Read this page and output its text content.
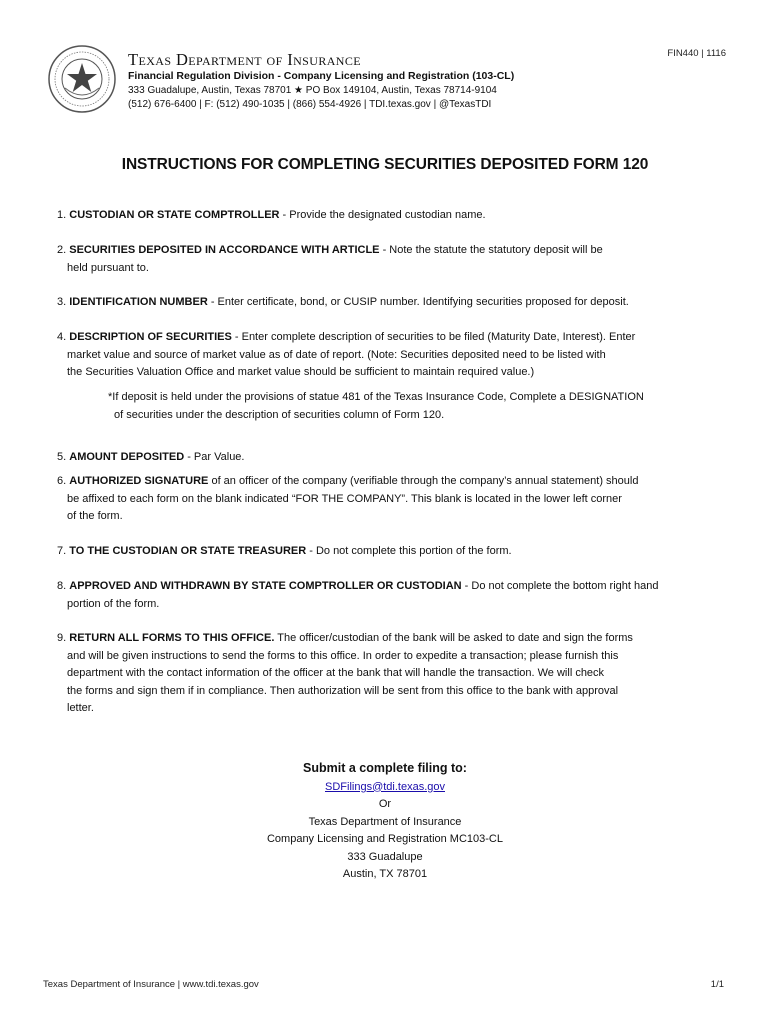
Texas Department of Insurance
Financial Regulation Division - Company Licensing and Registration (103-CL)
333 Guadalupe, Austin, Texas 78701 ★ PO Box 149104, Austin, Texas 78714-9104
(512) 676-6400 | F: (512) 490-1035 | (866) 554-4926 | TDI.texas.gov | @TexasTDI
FIN440 | 1116
INSTRUCTIONS FOR COMPLETING SECURITIES DEPOSITED FORM 120
1. CUSTODIAN OR STATE COMPTROLLER - Provide the designated custodian name.
2. SECURITIES DEPOSITED IN ACCORDANCE WITH ARTICLE - Note the statute the statutory deposit will be
held pursuant to.
3. IDENTIFICATION NUMBER - Enter certificate, bond, or CUSIP number. Identifying securities proposed for deposit.
4. DESCRIPTION OF SECURITIES - Enter complete description of securities to be filed (Maturity Date, Interest). Enter
market value and source of market value as of date of report. (Note: Securities deposited need to be listed with
the Securities Valuation Office and market value should be sufficient to maintain required value.)
*If deposit is held under the provisions of statue 481 of the Texas Insurance Code, Complete a DESIGNATION
of securities under the description of securities column of Form 120.
5. AMOUNT DEPOSITED - Par Value.
6. AUTHORIZED SIGNATURE of an officer of the company (verifiable through the company’s annual statement) should
be affixed to each form on the blank indicated “FOR THE COMPANY”. This blank is located in the lower left corner
of the form.
7. TO THE CUSTODIAN OR STATE TREASURER - Do not complete this portion of the form.
8. APPROVED AND WITHDRAWN BY STATE COMPTROLLER OR CUSTODIAN - Do not complete the bottom right hand
portion of the form.
9. RETURN ALL FORMS TO THIS OFFICE. The officer/custodian of the bank will be asked to date and sign the forms
and will be given instructions to send the forms to this office. In order to expedite a transaction; please furnish this
department with the contact information of the officer at the bank that will handle the transaction. We will check
the forms and sign them if in compliance. Then authorization will be sent from this office to the bank with approval
letter.
Submit a complete filing to:
SDFilings@tdi.texas.gov
Or
Texas Department of Insurance
Company Licensing and Registration MC103-CL
333 Guadalupe
Austin, TX 78701
Texas Department of Insurance | www.tdi.texas.gov	1/1
